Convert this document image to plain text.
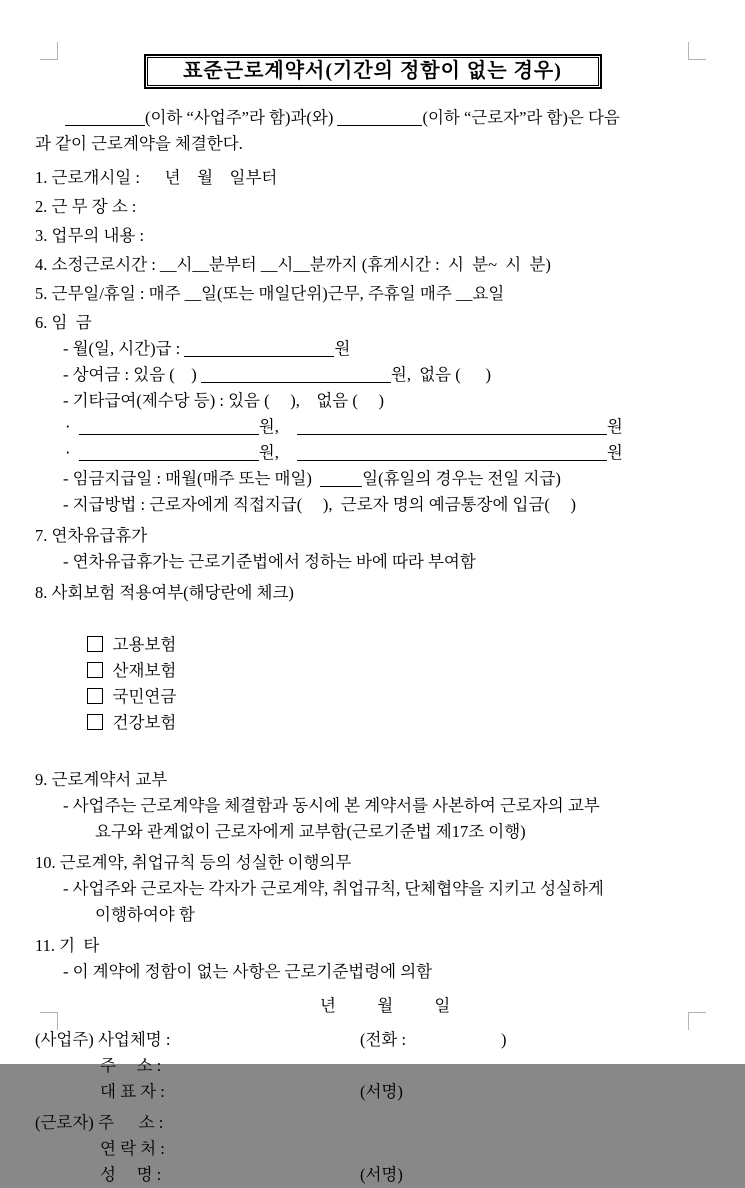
표준근로계약서(기간의 정함이 없는 경우)
(이하 “사업주”라 함)과(와)	(이하 “근로자”라 함)은 다음
과 같이 근로계약을 체결한다.
1. 근로개시일 :      년    월    일부터
2. 근 무 장 소 :
3. 업무의 내용 :
4. 소정근로시간 : __시__분부터 __시__분까지 (휴게시간 :  시  분~  시  분)
5. 근무일/휴일 : 매주 __일(또는 매일단위)근무, 주휴일 매주 __요일
6. 임  금
- 월(일, 시간)급 :	원
- 상여금 : 있음 (    )	원,  없음 (      )
- 기타급여(제수당 등) : 있음 (     ),    없음 (     )
·	원,	원
·	원,	원
- 임금지급일 : 매월(매주 또는 매일)	일(휴일의 경우는 전일 지급)
- 지급방법 : 근로자에게 직접지급(     ),  근로자 명의 예금통장에 입금(     )
7. 연차유급휴가
- 연차유급휴가는 근로기준법에서 정하는 바에 따라 부여함
8. 사회보험 적용여부(해당란에 체크)

고용보험
산재보험
국민연금
건강보험

9. 근로계약서 교부
- 사업주는 근로계약을 체결함과 동시에 본 계약서를 사본하여 근로자의 교부
요구와 관계없이 근로자에게 교부함(근로기준법 제17조 이행)
10. 근로계약, 취업규칙 등의 성실한 이행의무
- 사업주와 근로자는 각자가 근로계약, 취업규칙, 단체협약을 지키고 성실하게
이행하여야 함
11. 기  타
- 이 계약에 정함이 없는 사항은 근로기준법령에 의함
년          월          일
(사업주) 사업체명 :	(전화 :                       )
주     소 :
대 표 자 :	(서명)
(근로자) 주      소 :
연 락 처 :
성     명 :	(서명)
